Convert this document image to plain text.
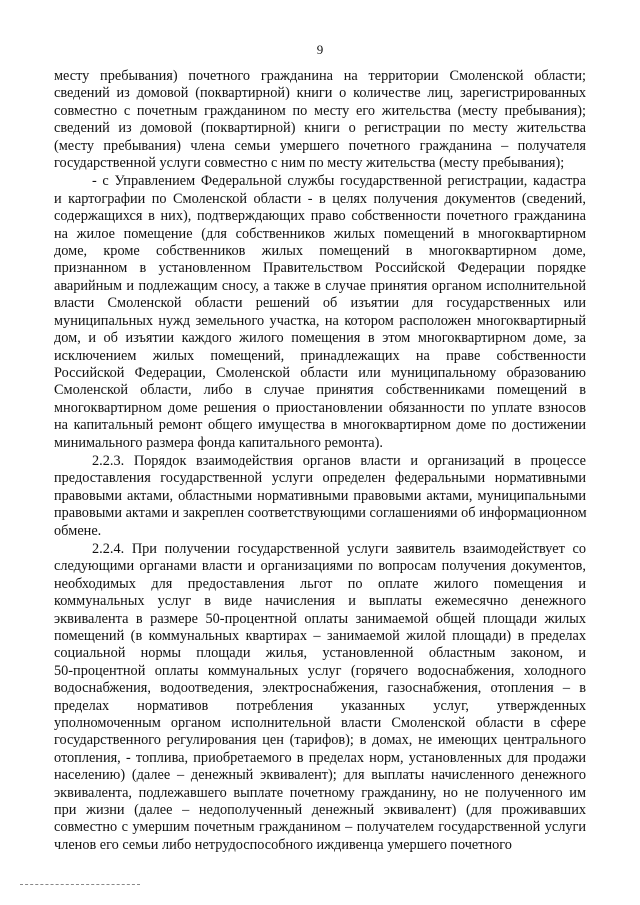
9
месту пребывания) почетного гражданина на территории Смоленской области;
сведений из домовой (поквартирной) книги о количестве лиц, зарегистрированных
совместно с почетным гражданином по месту его жительства (месту пребывания);
сведений из домовой (поквартирной) книги о регистрации по месту жительства
(месту пребывания) члена семьи умершего почетного гражданина – получателя
государственной услуги совместно с ним по месту жительства (месту пребывания);
- с Управлением Федеральной службы государственной регистрации, кадастра
и картографии по Смоленской области - в целях получения документов (сведений,
содержащихся в них), подтверждающих право собственности почетного гражданина
на жилое помещение (для собственников жилых помещений в многоквартирном
доме, кроме собственников жилых помещений в многоквартирном доме,
признанном в установленном Правительством Российской Федерации порядке
аварийным и подлежащим сносу, а также в случае принятия органом исполнительной
власти Смоленской области решений об изъятии для государственных или
муниципальных нужд земельного участка, на котором расположен многоквартирный
дом, и об изъятии каждого жилого помещения в этом многоквартирном доме, за
исключением жилых помещений, принадлежащих на праве собственности
Российской Федерации, Смоленской области или муниципальному образованию
Смоленской области, либо в случае принятия собственниками помещений в
многоквартирном доме решения о приостановлении обязанности по уплате взносов
на капитальный ремонт общего имущества в многоквартирном доме по достижении
минимального размера фонда капитального ремонта).
2.2.3. Порядок взаимодействия органов власти и организаций в процессе
предоставления государственной услуги определен федеральными нормативными
правовыми актами, областными нормативными правовыми актами, муниципальными
правовыми актами и закреплен соответствующими соглашениями об информационном
обмене.
2.2.4. При получении государственной услуги заявитель взаимодействует со
следующими органами власти и организациями по вопросам получения документов,
необходимых для предоставления льгот по оплате жилого помещения и
коммунальных услуг в виде начисления и выплаты ежемесячно денежного
эквивалента в размере 50-процентной оплаты занимаемой общей площади жилых
помещений (в коммунальных квартирах – занимаемой жилой площади) в пределах
социальной нормы площади жилья, установленной областным законом, и
50-процентной оплаты коммунальных услуг (горячего водоснабжения, холодного
водоснабжения, водоотведения, электроснабжения, газоснабжения, отопления – в
пределах нормативов потребления указанных услуг, утвержденных
уполномоченным органом исполнительной власти Смоленской области в сфере
государственного регулирования цен (тарифов); в домах, не имеющих центрального
отопления, - топлива, приобретаемого в пределах норм, установленных для продажи
населению) (далее – денежный эквивалент); для выплаты начисленного денежного
эквивалента, подлежавшего выплате почетному гражданину, но не полученного им
при жизни (далее – недополученный денежный эквивалент) (для проживавших
совместно с умершим почетным гражданином – получателем государственной услуги
членов его семьи либо нетрудоспособного иждивенца умершего почетного
